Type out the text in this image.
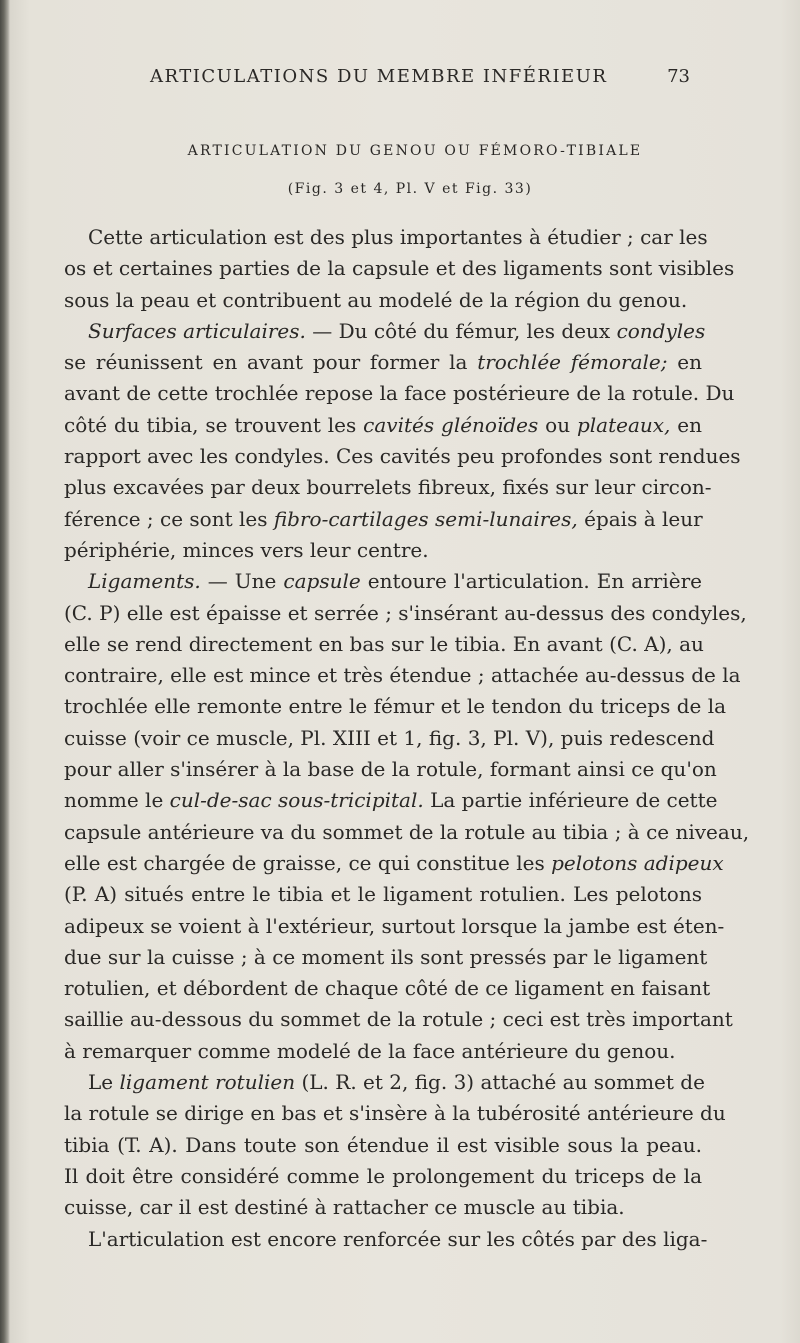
ARTICULATIONS DU MEMBRE INFÉRIEUR	73
ARTICULATION DU GENOU OU FÉMORO-TIBIALE
(Fig. 3 et 4, Pl. V et Fig. 33)

Cette articulation est des plus importantes à étudier ; car les
os et certaines parties de la capsule et des ligaments sont visibles
sous la peau et contribuent au modelé de la région du genou.

Surfaces articulaires. — Du côté du fémur, les deux condyles
se réunissent en avant pour former la trochlée fémorale; en
avant de cette trochlée repose la face postérieure de la rotule. Du
côté du tibia, se trouvent les cavités glénoïdes ou plateaux, en
rapport avec les condyles. Ces cavités peu profondes sont rendues
plus excavées par deux bourrelets fibreux, fixés sur leur circon-
férence ; ce sont les fibro-cartilages semi-lunaires, épais à leur
périphérie, minces vers leur centre.

Ligaments. — Une capsule entoure l'articulation. En arrière
(C. P) elle est épaisse et serrée ; s'insérant au-dessus des condyles,
elle se rend directement en bas sur le tibia. En avant (C. A), au
contraire, elle est mince et très étendue ; attachée au-dessus de la
trochlée elle remonte entre le fémur et le tendon du triceps de la
cuisse (voir ce muscle, Pl. XIII et 1, fig. 3, Pl. V), puis redescend
pour aller s'insérer à la base de la rotule, formant ainsi ce qu'on
nomme le cul-de-sac sous-tricipital. La partie inférieure de cette
capsule antérieure va du sommet de la rotule au tibia ; à ce niveau,
elle est chargée de graisse, ce qui constitue les pelotons adipeux
(P. A) situés entre le tibia et le ligament rotulien. Les pelotons
adipeux se voient à l'extérieur, surtout lorsque la jambe est éten-
due sur la cuisse ; à ce moment ils sont pressés par le ligament
rotulien, et débordent de chaque côté de ce ligament en faisant
saillie au-dessous du sommet de la rotule ; ceci est très important
à remarquer comme modelé de la face antérieure du genou.

Le ligament rotulien (L. R. et 2, fig. 3) attaché au sommet de
la rotule se dirige en bas et s'insère à la tubérosité antérieure du
tibia (T. A). Dans toute son étendue il est visible sous la peau.
Il doit être considéré comme le prolongement du triceps de la
cuisse, car il est destiné à rattacher ce muscle au tibia.

L'articulation est encore renforcée sur les côtés par des liga-
